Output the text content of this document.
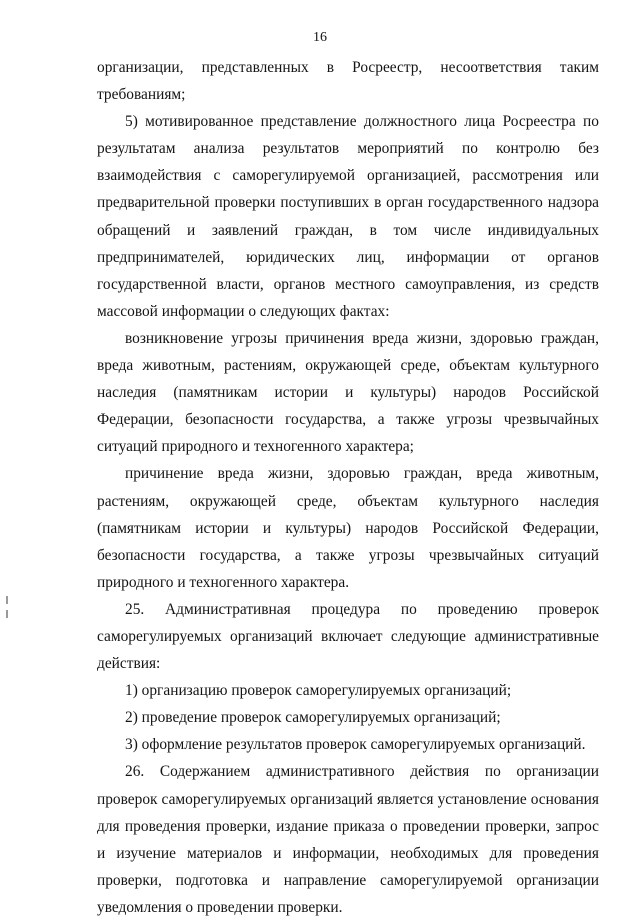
16

организации, представленных в Росреестр, несоответствия таким требованиям;

5) мотивированное представление должностного лица Росреестра по результатам анализа результатов мероприятий по контролю без взаимодействия с саморегулируемой организацией, рассмотрения или предварительной проверки поступивших в орган государственного надзора обращений и заявлений граждан, в том числе индивидуальных предпринимателей, юридических лиц, информации от органов государственной власти, органов местного самоуправления, из средств массовой информации о следующих фактах:

возникновение угрозы причинения вреда жизни, здоровью граждан, вреда животным, растениям, окружающей среде, объектам культурного наследия (памятникам истории и культуры) народов Российской Федерации, безопасности государства, а также угрозы чрезвычайных ситуаций природного и техногенного характера;

причинение вреда жизни, здоровью граждан, вреда животным, растениям, окружающей среде, объектам культурного наследия (памятникам истории и культуры) народов Российской Федерации, безопасности государства, а также угрозы чрезвычайных ситуаций природного и техногенного характера.

25. Административная процедура по проведению проверок саморегулируемых организаций включает следующие административные действия:

1) организацию проверок саморегулируемых организаций;

2) проведение проверок саморегулируемых организаций;

3) оформление результатов проверок саморегулируемых организаций.

26. Содержанием административного действия по организации проверок саморегулируемых организаций является установление основания для проведения проверки, издание приказа о проведении проверки, запрос и изучение материалов и информации, необходимых для проведения проверки, подготовка и направление саморегулируемой организации уведомления о проведении проверки.
